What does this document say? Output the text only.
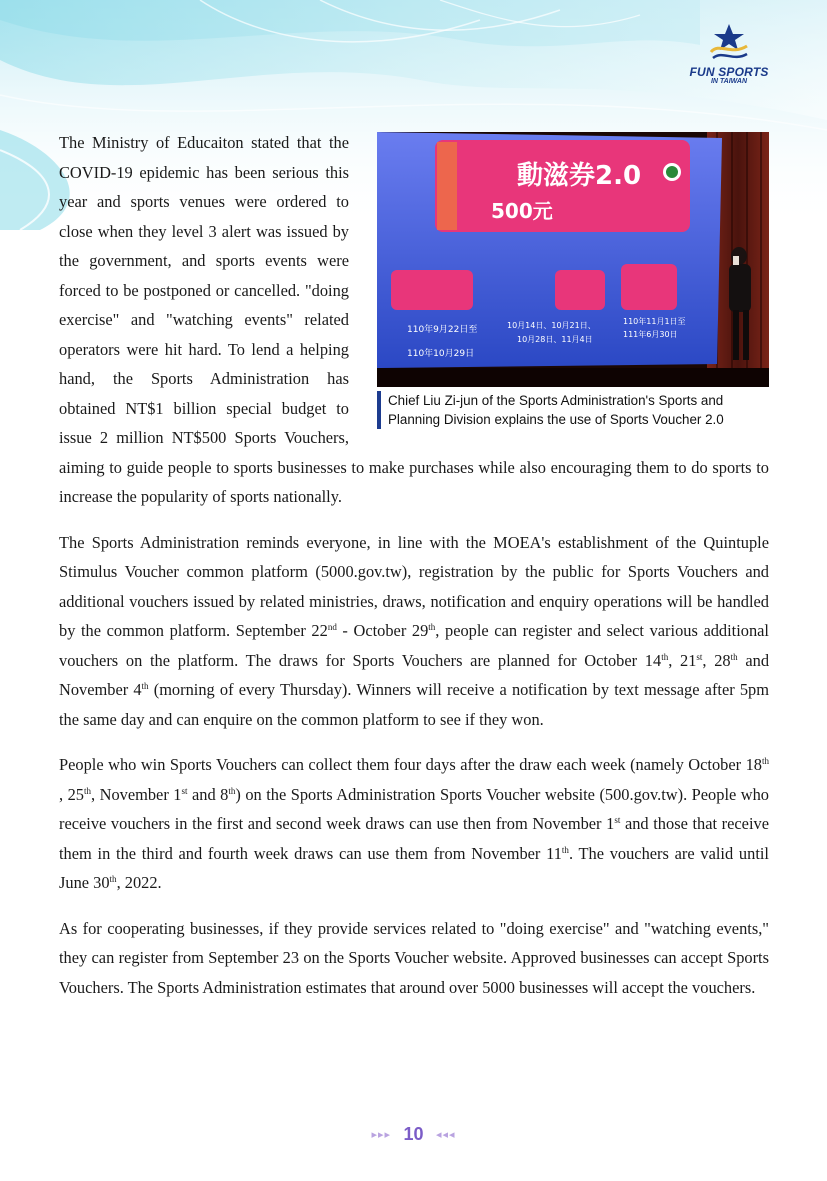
FUN SPORTS
IN TAIWAN
動滋券2.0
500元
110年9月22日至
110年10月29日
10月14日、10月21日、
10月28日、11月4日
110年11月1日至
111年6月30日
Chief Liu Zi-jun of the Sports Administration's Sports and Planning Division explains the use of Sports Voucher 2.0

The Ministry of Educaiton stated that the COVID-19 epidemic has been serious this year and sports venues were ordered to close when they level 3 alert was issued by the government, and sports events were forced to be postponed or cancelled. "doing exercise" and "watching events" related operators were hit hard. To lend a helping hand, the Sports Administration has obtained NT$1 billion special budget to issue 2 million NT$500 Sports Vouchers, aiming to guide people to sports businesses to make purchases while also encouraging them to do sports to increase the popularity of sports nationally.

The Sports Administration reminds everyone, in line with the MOEA's establishment of the Quintuple Stimulus Voucher common platform (5000.gov.tw), registration by the public for Sports Vouchers and additional vouchers issued by related ministries, draws, notification and enquiry operations will be handled by the common platform. September 22nd - October 29th, people can register and select various additional vouchers on the platform. The draws for Sports Vouchers are planned for October 14th, 21st, 28th and November 4th (morning of every Thursday). Winners will receive a notification by text message after 5pm the same day and can enquire on the common platform to see if they won.

People who win Sports Vouchers can collect them four days after the draw each week (namely October 18th , 25th, November 1st and 8th) on the Sports Administration Sports Voucher website (500.gov.tw). People who receive vouchers in the first and second week draws can use then from November 1st and those that receive them in the third and fourth week draws can use them from November 11th. The vouchers are valid until June 30th, 2022.

As for cooperating businesses, if they provide services related to "doing exercise" and "watching events," they can register from September 23 on the Sports Voucher website. Approved businesses can accept Sports Vouchers. The Sports Administration estimates that around over 5000 businesses will accept the vouchers.

▸▸▸ 10 ◂◂◂
